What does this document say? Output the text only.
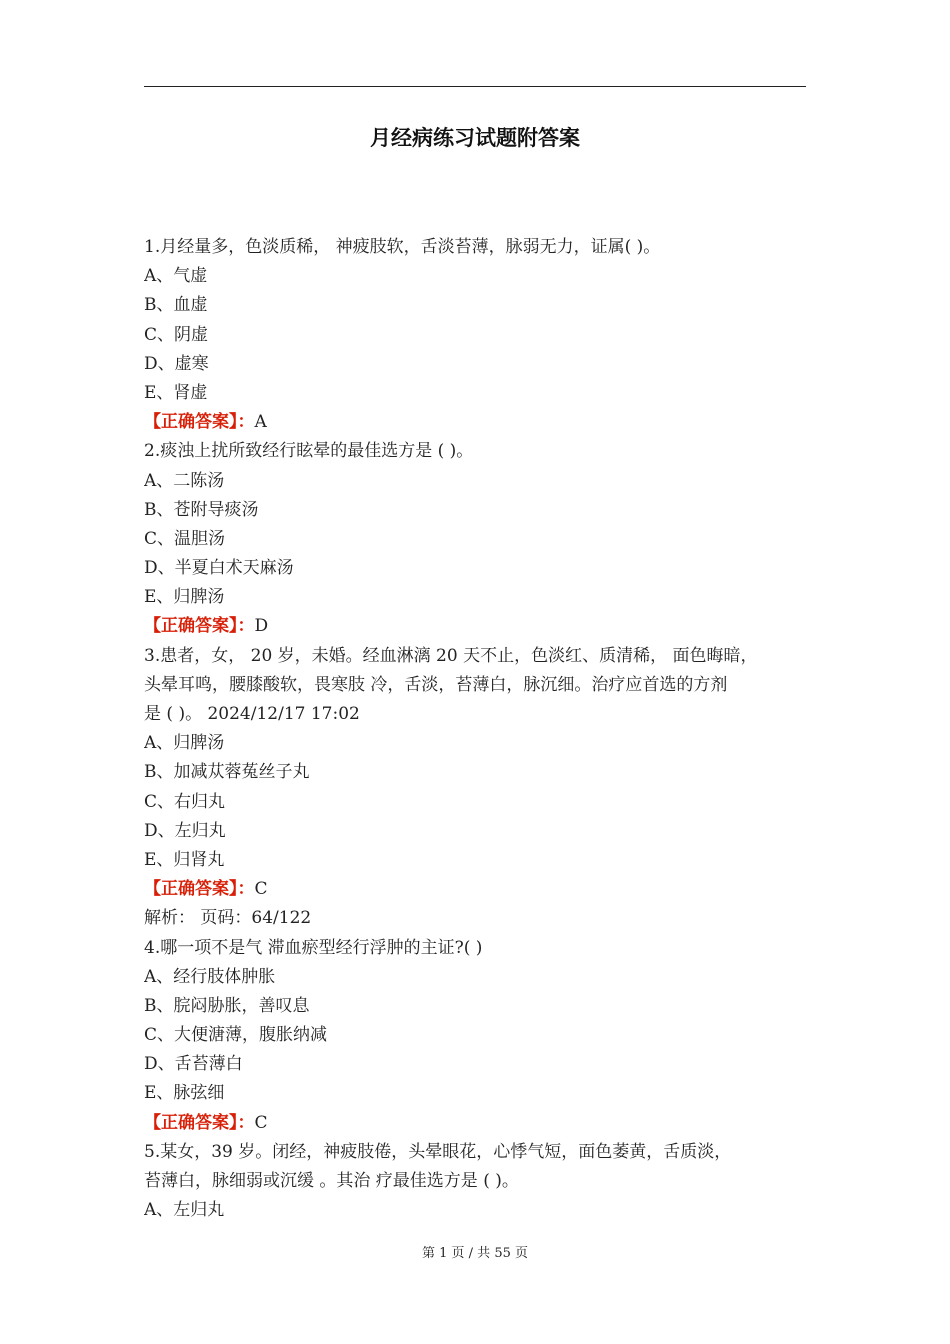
月经病练习试题附答案
1.月经量多，色淡质稀， 神疲肢软，舌淡苔薄，脉弱无力，证属( )。
A、气虚
B、血虚
C、阴虚
D、虚寒
E、肾虚
【正确答案】：A
2.痰浊上扰所致经行眩晕的最佳选方是 ( )。
A、二陈汤
B、苍附导痰汤
C、温胆汤
D、半夏白术天麻汤
E、归脾汤
【正确答案】：D
3.患者，女， 20 岁，未婚。经血淋漓 20 天不止，色淡红、质清稀， 面色晦暗，
头晕耳鸣，腰膝酸软，畏寒肢 冷，舌淡，苔薄白，脉沉细。治疗应首选的方剂
是 ( )。 2024/12/17 17:02
A、归脾汤
B、加减苁蓉菟丝子丸
C、右归丸
D、左归丸
E、归肾丸
【正确答案】：C
解析： 页码：64/122
4.哪一项不是气 滞血瘀型经行浮肿的主证?( )
A、经行肢体肿胀
B、脘闷胁胀，善叹息
C、大便溏薄，腹胀纳减
D、舌苔薄白
E、脉弦细
【正确答案】：C
5.某女，39 岁。闭经，神疲肢倦，头晕眼花，心悸气短，面色萎黄，舌质淡，
苔薄白，脉细弱或沉缓 。其治 疗最佳选方是 ( )。
A、左归丸
第 1 页 / 共 55 页
